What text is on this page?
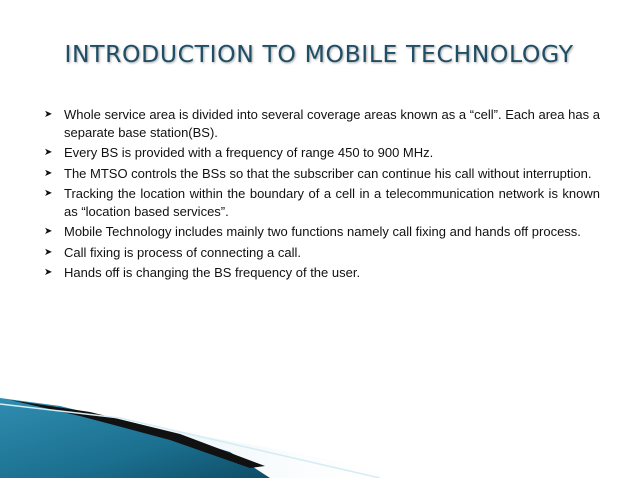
INTRODUCTION TO MOBILE TECHNOLOGY
➤ Whole service area is divided into several coverage areas known as a “cell”. Each area has a separate base station(BS).
➤ Every BS is provided with a frequency of range 450 to 900 MHz.
➤ The MTSO controls the BSs so that the subscriber can continue his call without interruption.
➤ Tracking the location within the boundary of a cell in a telecommunication network is known as “location based services”.
➤ Mobile Technology includes mainly two functions namely call fixing and hands off process.
➤ Call fixing is process of connecting a call.
➤ Hands off is changing the BS frequency of the user.
